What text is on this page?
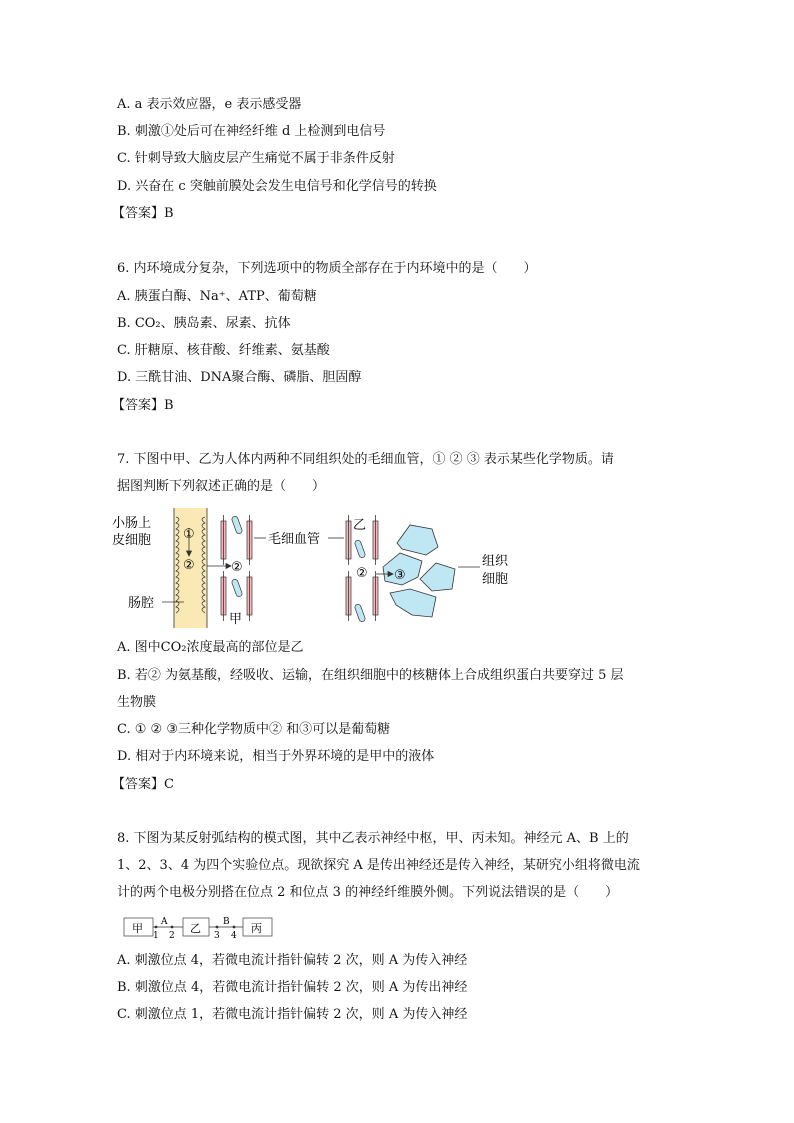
A. a 表示效应器，e 表示感受器
B. 刺激①处后可在神经纤维 d 上检测到电信号
C. 针刺导致大脑皮层产生痛觉不属于非条件反射
D. 兴奋在 c 突触前膜处会发生电信号和化学信号的转换
【答案】B
6. 内环境成分复杂，下列选项中的物质全部存在于内环境中的是（　　）
A. 胰蛋白酶、Na⁺、ATP、葡萄糖
B. CO₂、胰岛素、尿素、抗体
C. 肝糖原、核苷酸、纤维素、氨基酸
D. 三酰甘油、DNA聚合酶、磷脂、胆固醇
【答案】B
7. 下图中甲、乙为人体内两种不同组织处的毛细血管，① ② ③ 表示某些化学物质。请
据图判断下列叙述正确的是（　　）
小肠上
皮细胞
肠腔
毛细血管
组织
细胞
甲
乙
①
②	②	② ③
A. 图中CO₂浓度最高的部位是乙
B. 若② 为氨基酸，经吸收、运输，在组织细胞中的核糖体上合成组织蛋白共要穿过 5 层
生物膜
C. ① ② ③三种化学物质中② 和③可以是葡萄糖
D. 相对于内环境来说，相当于外界环境的是甲中的液体
【答案】C
8. 下图为某反射弧结构的模式图，其中乙表示神经中枢，甲、丙未知。神经元 A、B 上的
1、2、3、4 为四个实验位点。现欲探究 A 是传出神经还是传入神经，某研究小组将微电流
计的两个电极分别搭在位点 2 和位点 3 的神经纤维膜外侧。下列说法错误的是（　　）
甲	乙	丙
A	B
1 2	3 4
A. 刺激位点 4，若微电流计指针偏转 2 次，则 A 为传入神经
B. 刺激位点 4，若微电流计指针偏转 2 次，则 A 为传出神经
C. 刺激位点 1，若微电流计指针偏转 2 次，则 A 为传入神经
